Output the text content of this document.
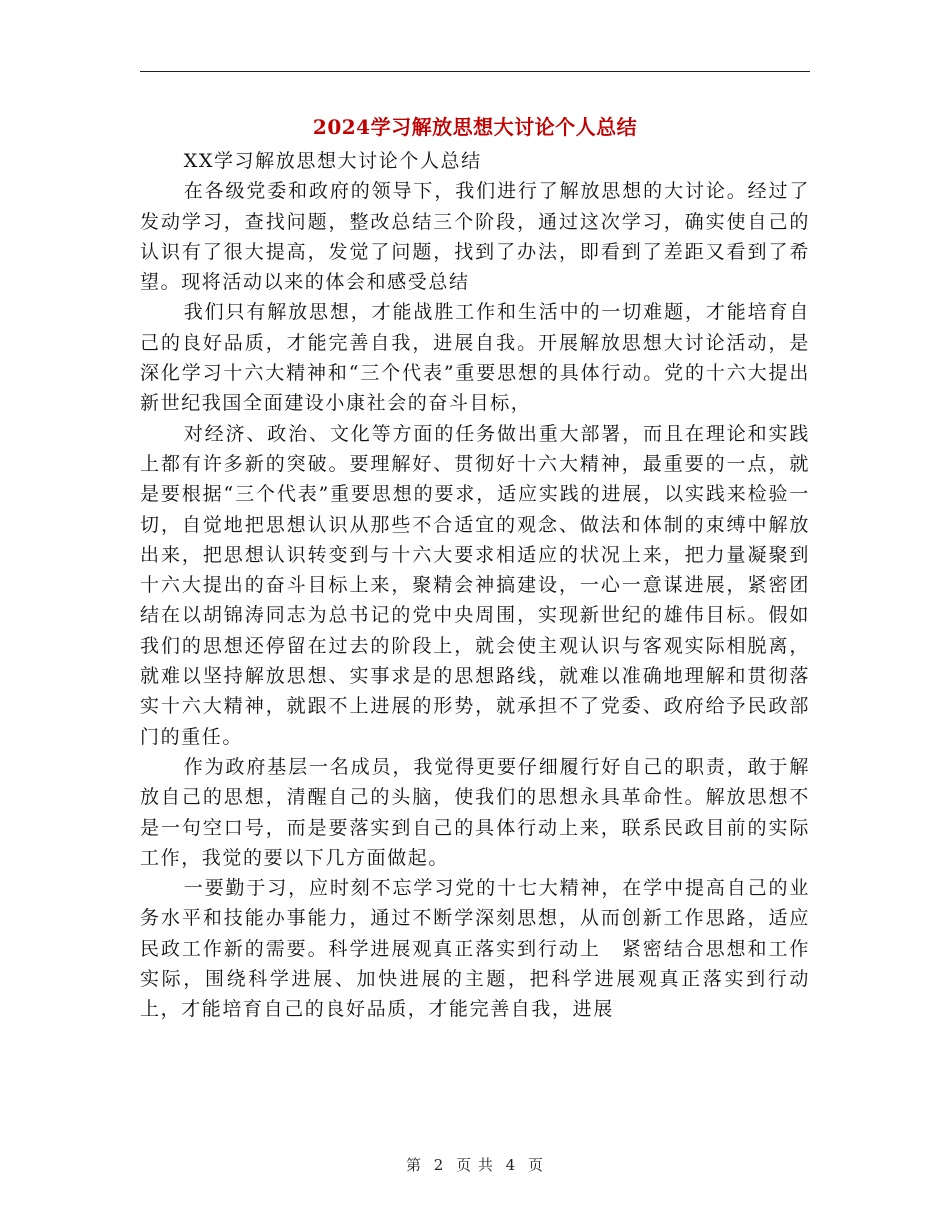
2024学习解放思想大讨论个人总结

XX学习解放思想大讨论个人总结

在各级党委和政府的领导下，我们进行了解放思想的大讨论。经过了发动学习，查找问题，整改总结三个阶段，通过这次学习，确实使自己的认识有了很大提高，发觉了问题，找到了办法，即看到了差距又看到了希望。现将活动以来的体会和感受总结

我们只有解放思想，才能战胜工作和生活中的一切难题，才能培育自己的良好品质，才能完善自我，进展自我。开展解放思想大讨论活动，是深化学习十六大精神和“三个代表”重要思想的具体行动。党的十六大提出新世纪我国全面建设小康社会的奋斗目标，

对经济、政治、文化等方面的任务做出重大部署，而且在理论和实践上都有许多新的突破。要理解好、贯彻好十六大精神，最重要的一点，就是要根据“三个代表”重要思想的要求，适应实践的进展，以实践来检验一切，自觉地把思想认识从那些不合适宜的观念、做法和体制的束缚中解放出来，把思想认识转变到与十六大要求相适应的状况上来，把力量凝聚到十六大提出的奋斗目标上来，聚精会神搞建设，一心一意谋进展，紧密团结在以胡锦涛同志为总书记的党中央周围，实现新世纪的雄伟目标。假如我们的思想还停留在过去的阶段上，就会使主观认识与客观实际相脱离，就难以坚持解放思想、实事求是的思想路线，就难以准确地理解和贯彻落实十六大精神，就跟不上进展的形势，就承担不了党委、政府给予民政部门的重任。

作为政府基层一名成员，我觉得更要仔细履行好自己的职责，敢于解放自己的思想，清醒自己的头脑，使我们的思想永具革命性。解放思想不是一句空口号，而是要落实到自己的具体行动上来，联系民政目前的实际工作，我觉的要以下几方面做起。

一要勤于习，应时刻不忘学习党的十七大精神，在学中提高自己的业务水平和技能办事能力，通过不断学深刻思想，从而创新工作思路，适应民政工作新的需要。科学进展观真正落实到行动上　紧密结合思想和工作实际，围绕科学进展、加快进展的主题，把科学进展观真正落实到行动上，才能培育自己的良好品质，才能完善自我，进展

第 2 页 共 4 页
